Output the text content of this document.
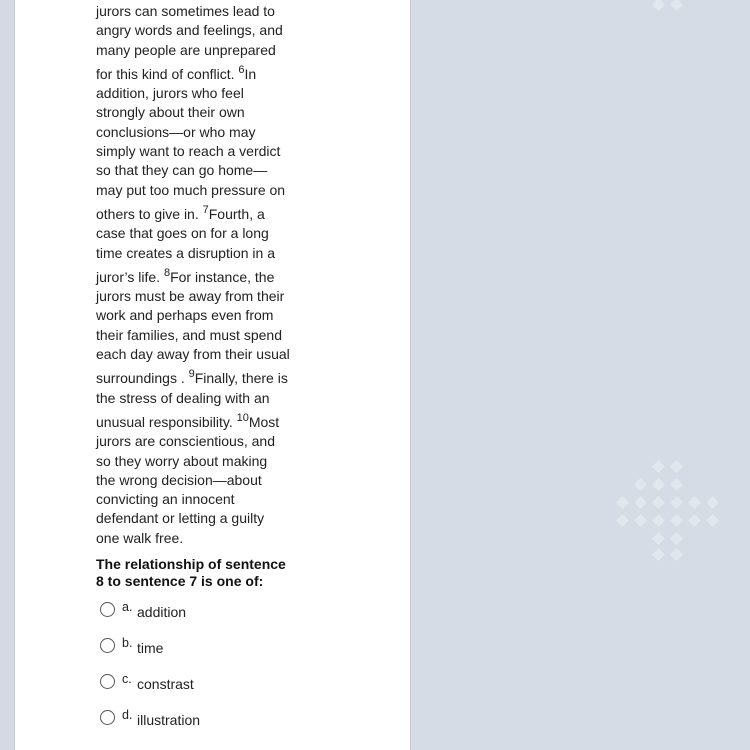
jurors can sometimes lead to
angry words and feelings, and
many people are unprepared
for this kind of conflict. $^6$In
addition, jurors who feel
strongly about their own
conclusions—or who may
simply want to reach a verdict
so that they can go home—
may put too much pressure on
others to give in. $^7$Fourth, a
case that goes on for a long
time creates a disruption in a
juror’s life. $^8$For instance, the
jurors must be away from their
work and perhaps even from
their families, and must spend
each day away from their usual
surroundings . $^9$Finally, there is
the stress of dealing with an
unusual responsibility. $^{10}$Most
jurors are conscientious, and
so they worry about making
the wrong decision—about
convicting an innocent
defendant or letting a guilty
one walk free.
The relationship of sentence
8 to sentence 7 is one of:
a. addition
b. time
c. constrast
d. illustration
